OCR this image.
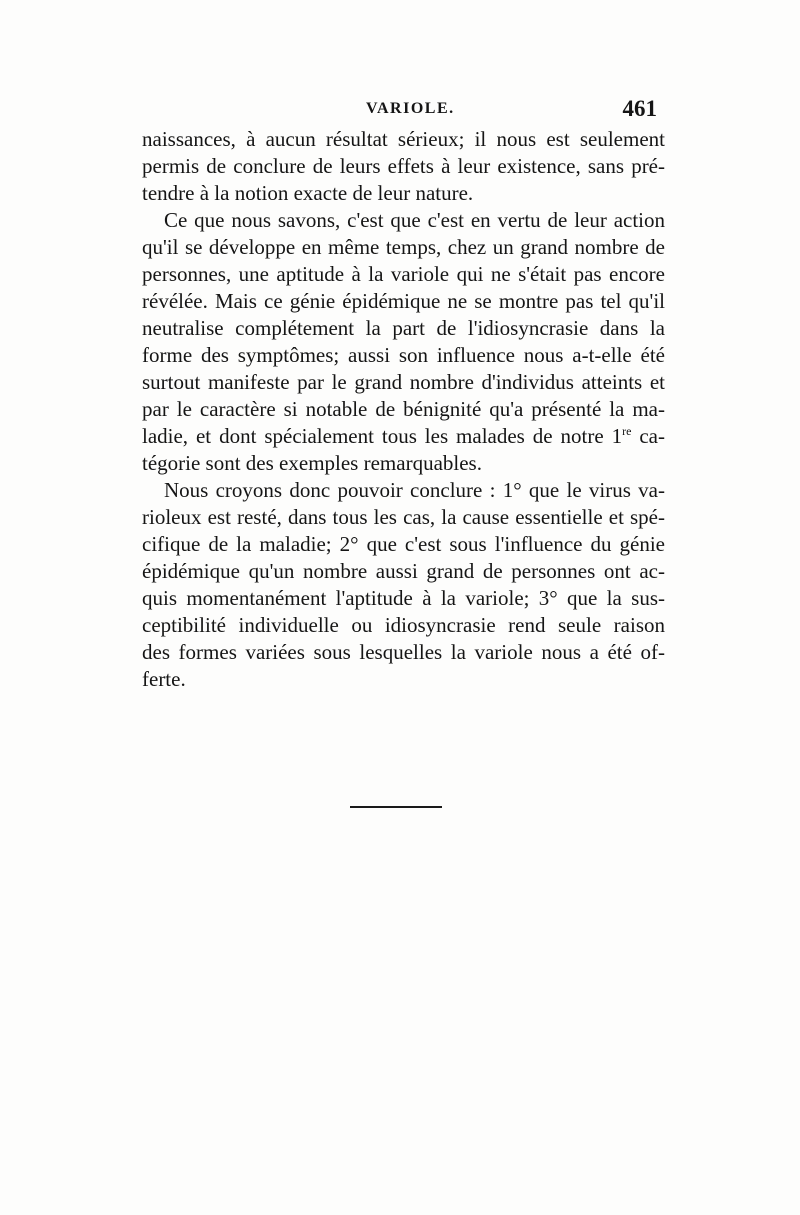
VARIOLE.	461

naissances, à aucun résultat sérieux; il nous est seulement
permis de conclure de leurs effets à leur existence, sans pré-
tendre à la notion exacte de leur nature.

Ce que nous savons, c'est que c'est en vertu de leur action
qu'il se développe en même temps, chez un grand nombre de
personnes, une aptitude à la variole qui ne s'était pas encore
révélée. Mais ce génie épidémique ne se montre pas tel qu'il
neutralise complétement la part de l'idiosyncrasie dans la
forme des symptômes; aussi son influence nous a-t-elle été
surtout manifeste par le grand nombre d'individus atteints et
par le caractère si notable de bénignité qu'a présenté la ma-
ladie, et dont spécialement tous les malades de notre 1re ca-
tégorie sont des exemples remarquables.

Nous croyons donc pouvoir conclure : 1° que le virus va-
rioleux est resté, dans tous les cas, la cause essentielle et spé-
cifique de la maladie; 2° que c'est sous l'influence du génie
épidémique qu'un nombre aussi grand de personnes ont ac-
quis momentanément l'aptitude à la variole; 3° que la sus-
ceptibilité individuelle ou idiosyncrasie rend seule raison
des formes variées sous lesquelles la variole nous a été of-
ferte.
